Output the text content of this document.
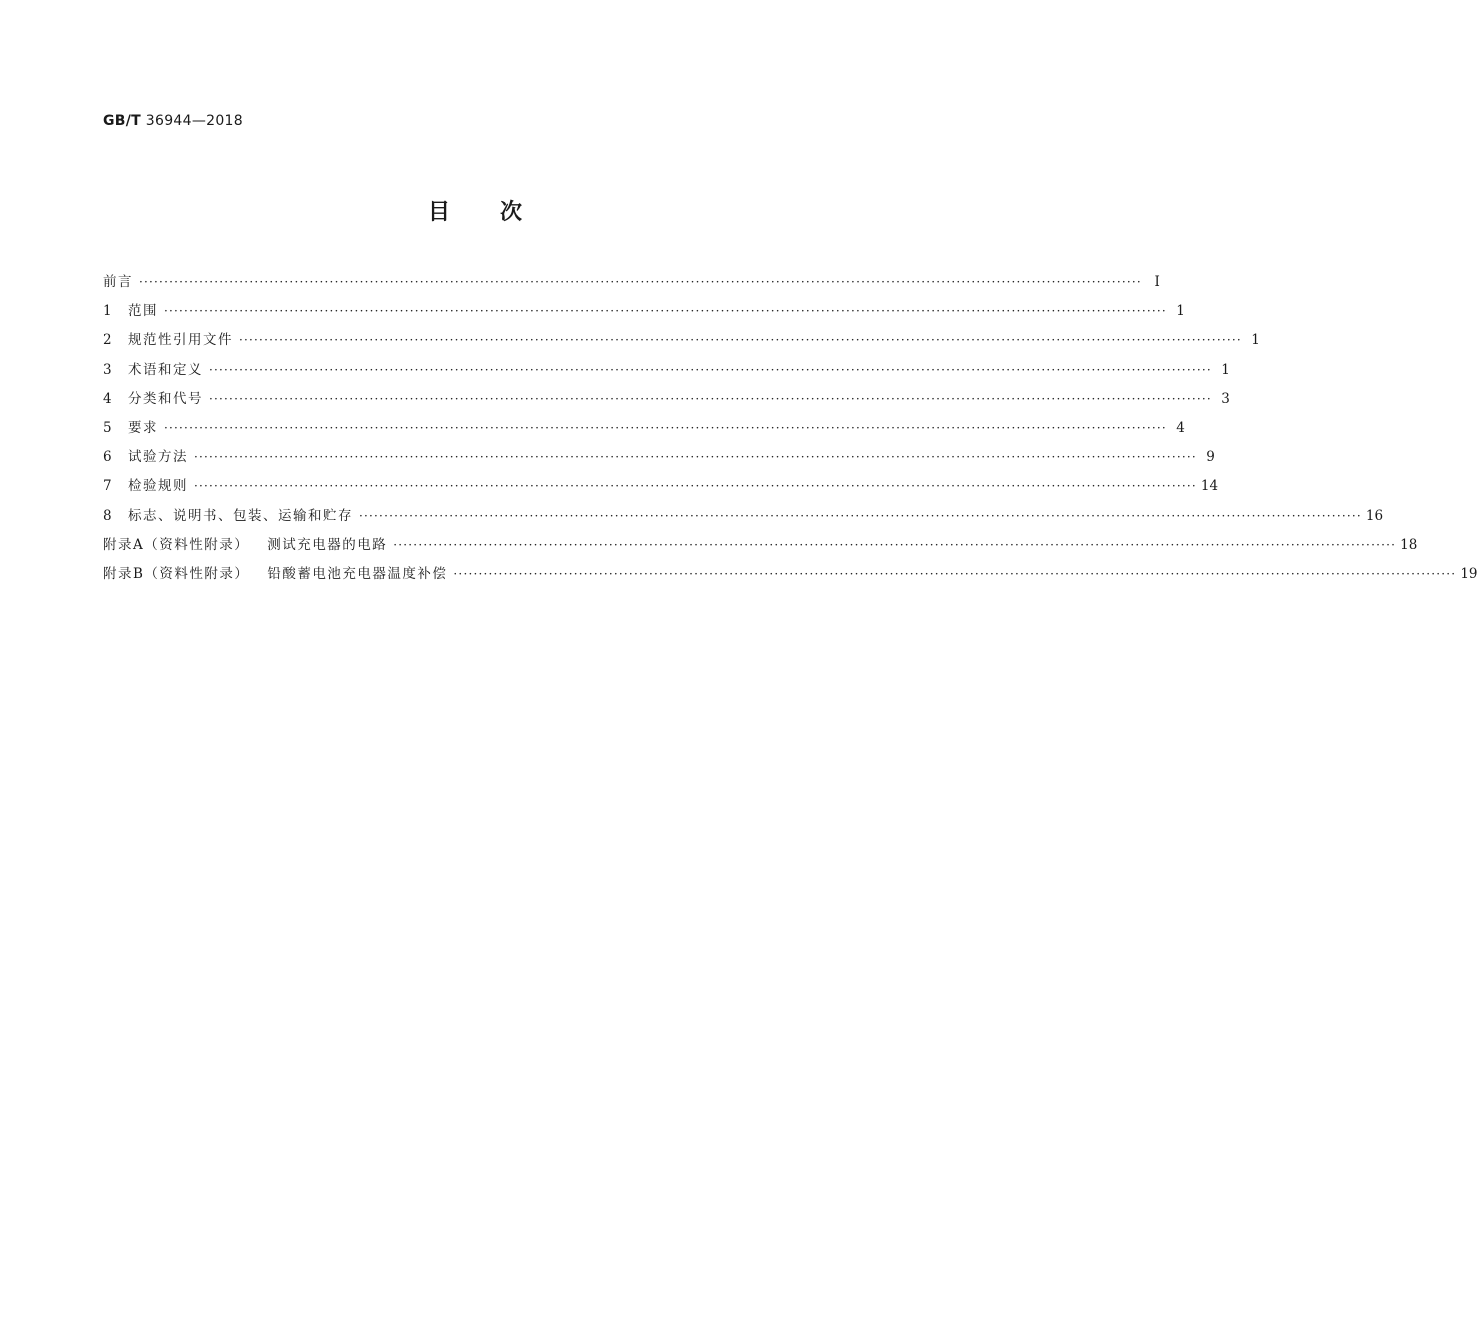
GB/T 36944—2018
目次
前言 ········································································································································································································ I
1	范围 ········································································································································································································ 1
2	规范性引用文件 ········································································································································································································ 1
3	术语和定义 ········································································································································································································ 1
4	分类和代号 ········································································································································································································ 3
5	要求 ········································································································································································································ 4
6	试验方法 ········································································································································································································ 9
7	检验规则 ········································································································································································································ 14
8	标志、说明书、包装、运输和贮存 ········································································································································································································ 16
附录A（资料性附录） 测试充电器的电路 ········································································································································································································ 18
附录B（资料性附录） 铅酸蓄电池充电器温度补偿 ········································································································································································································ 19
